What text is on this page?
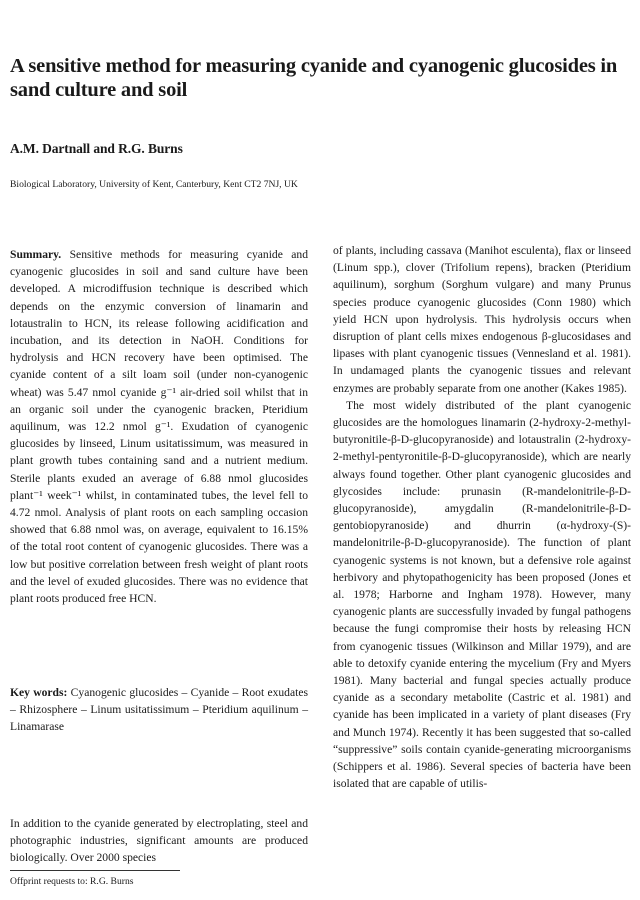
A sensitive method for measuring cyanide and cyanogenic glucosides in sand culture and soil
A.M. Dartnall and R.G. Burns
Biological Laboratory, University of Kent, Canterbury, Kent CT2 7NJ, UK

Summary. Sensitive methods for measuring cyanide and cyanogenic glucosides in soil and sand culture have been developed. A microdiffusion technique is described which depends on the enzymic conversion of linamarin and lotaustralin to HCN, its release following acidification and incubation, and its detection in NaOH. Conditions for hydrolysis and HCN recovery have been optimised. The cyanide content of a silt loam soil (under non-cyanogenic wheat) was 5.47 nmol cyanide g⁻¹ air-dried soil whilst that in an organic soil under the cyanogenic bracken, Pteridium aquilinum, was 12.2 nmol g⁻¹. Exudation of cyanogenic glucosides by linseed, Linum usitatissimum, was measured in plant growth tubes containing sand and a nutrient medium. Sterile plants exuded an average of 6.88 nmol glucosides plant⁻¹ week⁻¹ whilst, in contaminated tubes, the level fell to 4.72 nmol. Analysis of plant roots on each sampling occasion showed that 6.88 nmol was, on average, equivalent to 16.15% of the total root content of cyanogenic glucosides. There was a low but positive correlation between fresh weight of plant roots and the level of exuded glucosides. There was no evidence that plant roots produced free HCN.

Key words: Cyanogenic glucosides – Cyanide – Root exudates – Rhizosphere – Linum usitatissimum – Pteridium aquilinum – Linamarase

In addition to the cyanide generated by electroplating, steel and photographic industries, significant amounts are produced biologically. Over 2000 species

of plants, including cassava (Manihot esculenta), flax or linseed (Linum spp.), clover (Trifolium repens), bracken (Pteridium aquilinum), sorghum (Sorghum vulgare) and many Prunus species produce cyanogenic glucosides (Conn 1980) which yield HCN upon hydrolysis. This hydrolysis occurs when disruption of plant cells mixes endogenous β-glucosidases and lipases with plant cyanogenic tissues (Vennesland et al. 1981). In undamaged plants the cyanogenic tissues and relevant enzymes are probably separate from one another (Kakes 1985).

The most widely distributed of the plant cyanogenic glucosides are the homologues linamarin (2-hydroxy-2-methyl-butyronitile-β-D-glucopyranoside) and lotaustralin (2-hydroxy-2-methyl-pentyronitile-β-D-glucopyranoside), which are nearly always found together. Other plant cyanogenic glucosides and glycosides include: prunasin (R-mandelonitrile-β-D-glucopyranoside), amygdalin (R-mandelonitrile-β-D-gentobiopyranoside) and dhurrin (α-hydroxy-(S)-mandelonitrile-β-D-glucopyranoside). The function of plant cyanogenic systems is not known, but a defensive role against herbivory and phytopathogenicity has been proposed (Jones et al. 1978; Harborne and Ingham 1978). However, many cyanogenic plants are successfully invaded by fungal pathogens because the fungi compromise their hosts by releasing HCN from cyanogenic tissues (Wilkinson and Millar 1979), and are able to detoxify cyanide entering the mycelium (Fry and Myers 1981). Many bacterial and fungal species actually produce cyanide as a secondary metabolite (Castric et al. 1981) and cyanide has been implicated in a variety of plant diseases (Fry and Munch 1974). Recently it has been suggested that so-called “suppressive” soils contain cyanide-generating microorganisms (Schippers et al. 1986). Several species of bacteria have been isolated that are capable of utilis-

Offprint requests to: R.G. Burns
